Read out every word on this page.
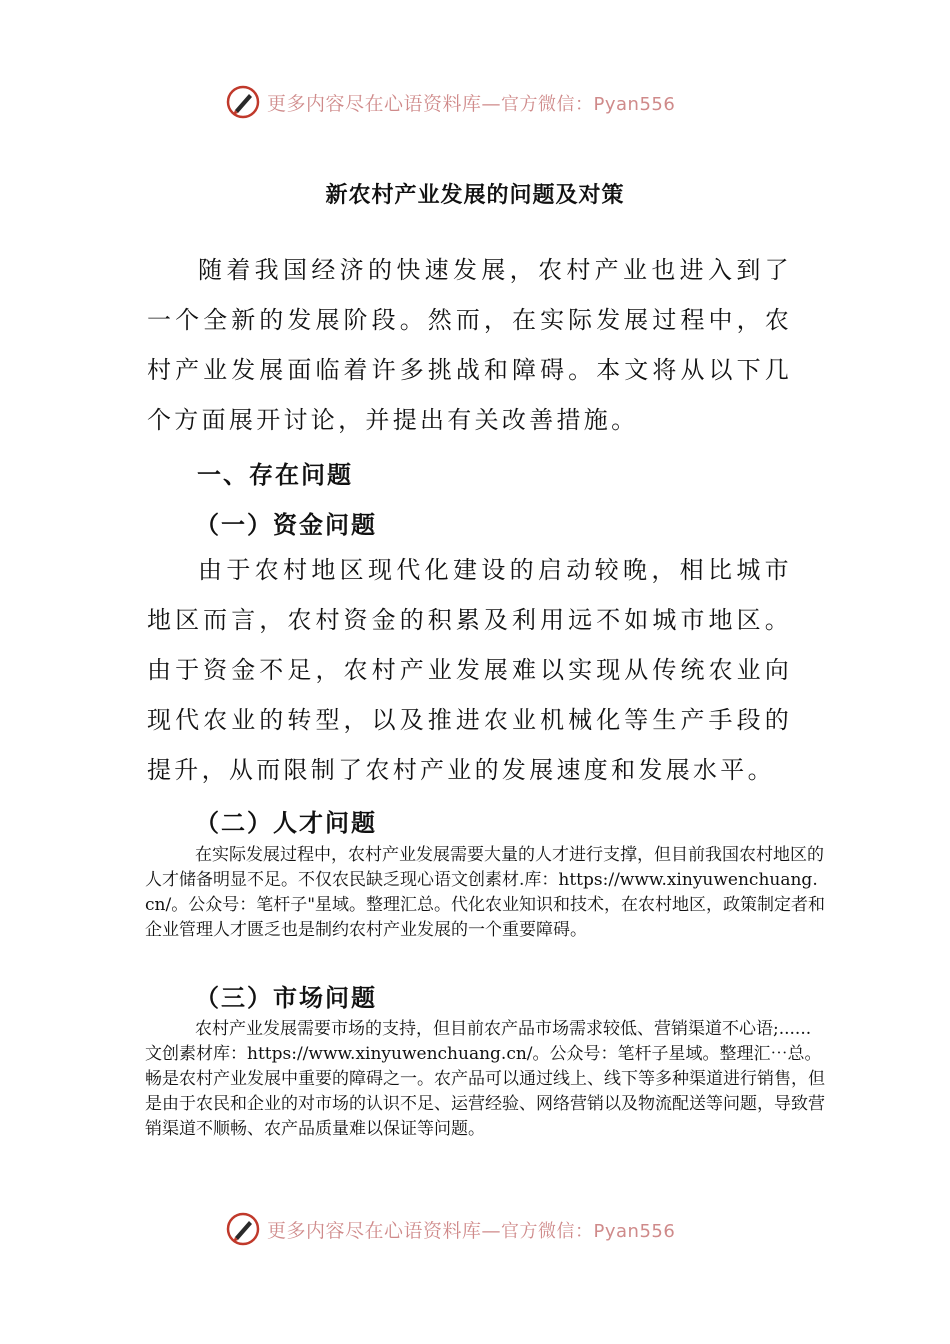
更多内容尽在心语资料库—官方微信：Pyan556
新农村产业发展的问题及对策

随着我国经济的快速发展，农村产业也进入到了一个全新的发展阶段。然而，在实际发展过程中，农村产业发展面临着许多挑战和障碍。本文将从以下几个方面展开讨论，并提出有关改善措施。

一、存在问题
（一）资金问题

由于农村地区现代化建设的启动较晚，相比城市地区而言，农村资金的积累及利用远不如城市地区。由于资金不足，农村产业发展难以实现从传统农业向现代农业的转型，以及推进农业机械化等生产手段的提升，从而限制了农村产业的发展速度和发展水平。

（二）人才问题

在实际发展过程中，农村产业发展需要大量的人才进行支撑，但目前我国农村地区的人才储备明显不足。不仅农民缺乏现心语文创素材.库：https://www.xinyuwenchuang.cn/。公众号：笔杆子"星域。整理汇总。代化农业知识和技术，在农村地区，政策制定者和企业管理人才匮乏也是制约农村产业发展的一个重要障碍。

（三）市场问题

农村产业发展需要市场的支持，但目前农产品市场需求较低、营销渠道不心语;......文创素材库：https://www.xinyuwenchuang.cn/。公众号：笔杆子星域。整理汇⋯总。畅是农村产业发展中重要的障碍之一。农产品可以通过线上、线下等多种渠道进行销售，但是由于农民和企业的对市场的认识不足、运营经验、网络营销以及物流配送等问题，导致营销渠道不顺畅、农产品质量难以保证等问题。

更多内容尽在心语资料库—官方微信：Pyan556
